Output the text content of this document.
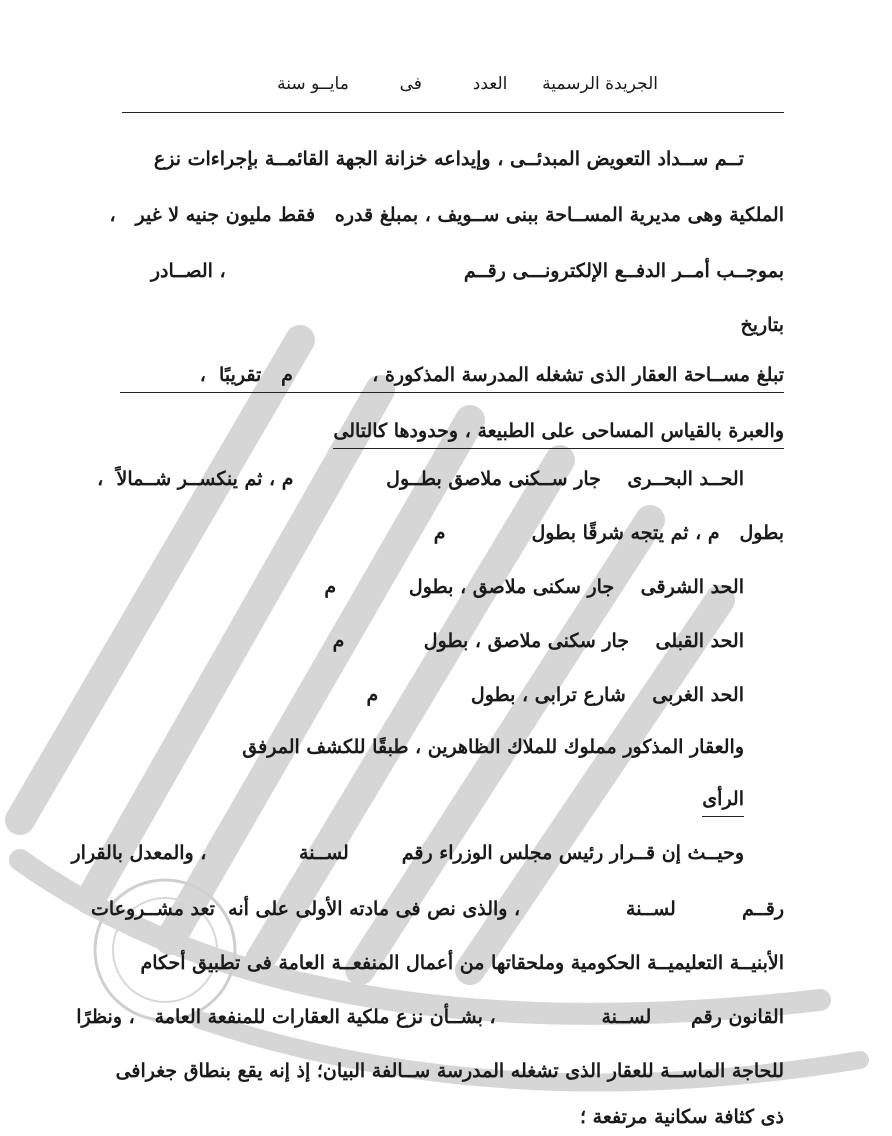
الجريدة الرسمية  العدد  فى  مايــو سنة
تــم ســداد التعويض المبدئــى ، وإيداعه خزانة الجهة القائمــة بإجراءات نزع
الملكية وهى مديرية المســاحة ببنى ســويف ، بمبلغ قدره   فقط مليون جنيه لا غير   ،
بموجــب أمــر الدفــع الإلكترونـــى رقــم                                    ، الصــادر
بتاريخ
تبلغ مســاحة العقار الذى تشغله المدرسة المذكورة ،            م   تقريبًا  ،
والعبرة بالقياس المساحى على الطبيعة ، وحدودها كالتالى
الحــد البحــرى    جار ســكنى ملاصق بطــول              م ، ثم ينكســر شــمالاً  ،
بطول   م ، ثم يتجه شرقًا بطول             م
الحد الشرقى    جار سكنى ملاصق ، بطول           م
الحد القبلى    جار سكنى ملاصق ، بطول            م
الحد الغربى    شارع ترابى ، بطول              م
والعقار المذكور مملوك للملاك الظاهرين ، طبقًا للكشف المرفق
الرأى
وحيــث إن قــرار رئيس مجلس الوزراء رقم        لســنة              ، والمعدل بالقرار
رقــم          لســنة                ، والذى نص فى مادته الأولى على أنه  تعد مشــروعات
الأبنيــة التعليميــة الحكومية وملحقاتها من أعمال المنفعــة العامة فى تطبيق أحكام
القانون رقم      لســنة                ، بشــأن نزع ملكية العقارات للمنفعة العامة   ، ونظرًا
للحاجة الماســة للعقار الذى تشغله المدرسة ســالفة البيان؛ إذ إنه يقع بنطاق جغرافى
ذى كثافة سكانية مرتفعة ؛
